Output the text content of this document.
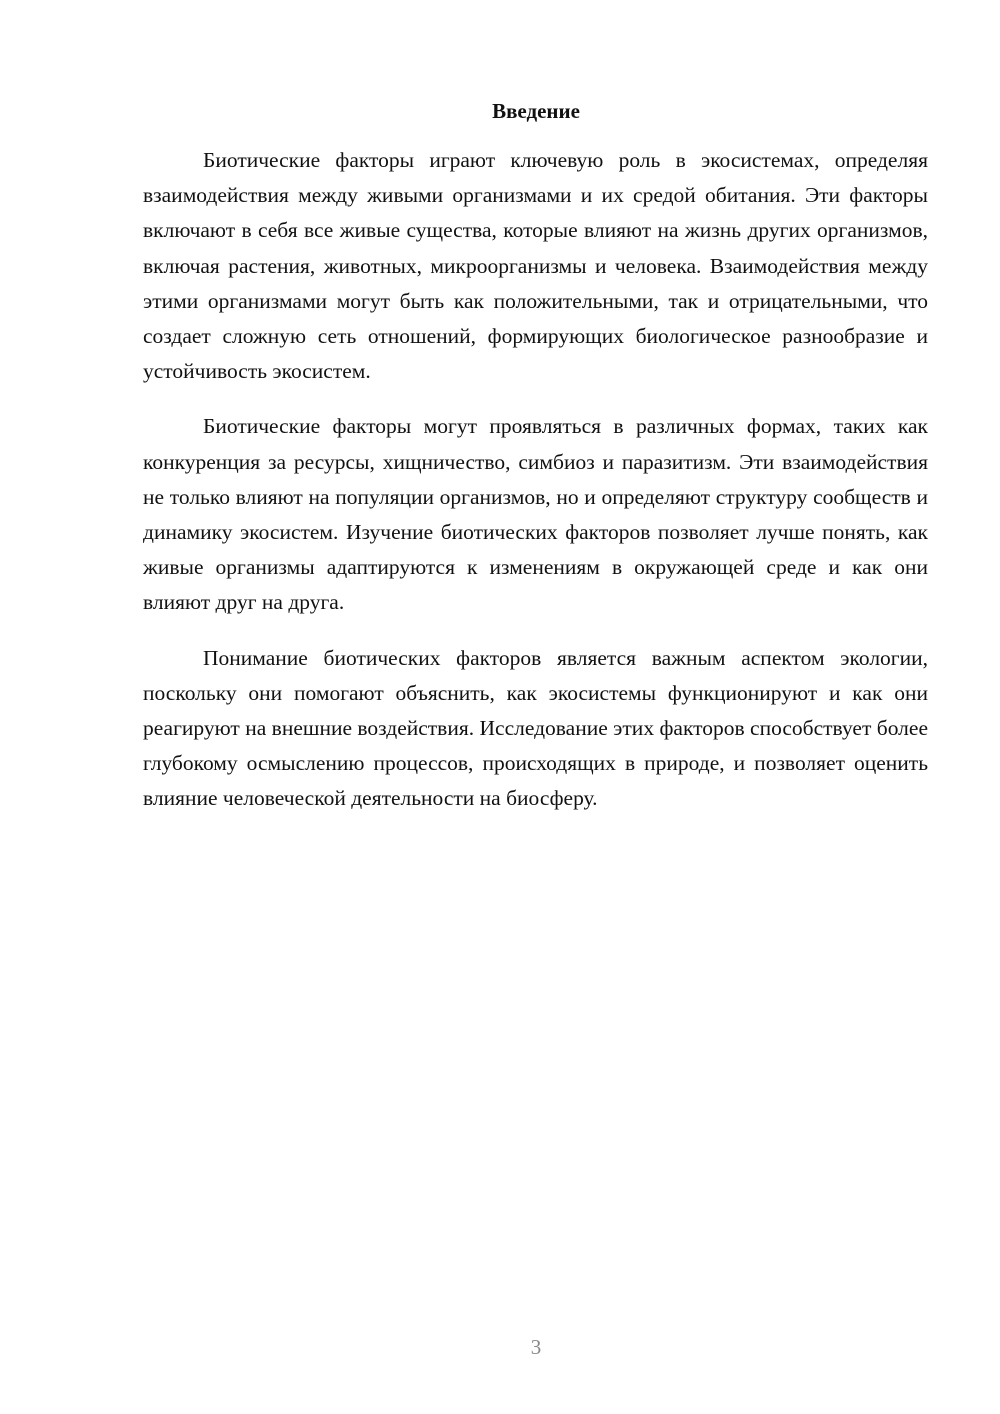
Введение

Биотические факторы играют ключевую роль в экосистемах, определяя взаимодействия между живыми организмами и их средой обитания. Эти факторы включают в себя все живые существа, которые влияют на жизнь других организмов, включая растения, животных, микроорганизмы и человека. Взаимодействия между этими организмами могут быть как положительными, так и отрицательными, что создает сложную сеть отношений, формирующих биологическое разнообразие и устойчивость экосистем.

Биотические факторы могут проявляться в различных формах, таких как конкуренция за ресурсы, хищничество, симбиоз и паразитизм. Эти взаимодействия не только влияют на популяции организмов, но и определяют структуру сообществ и динамику экосистем. Изучение биотических факторов позволяет лучше понять, как живые организмы адаптируются к изменениям в окружающей среде и как они влияют друг на друга.

Понимание биотических факторов является важным аспектом экологии, поскольку они помогают объяснить, как экосистемы функционируют и как они реагируют на внешние воздействия. Исследование этих факторов способствует более глубокому осмыслению процессов, происходящих в природе, и позволяет оценить влияние человеческой деятельности на биосферу.

3
